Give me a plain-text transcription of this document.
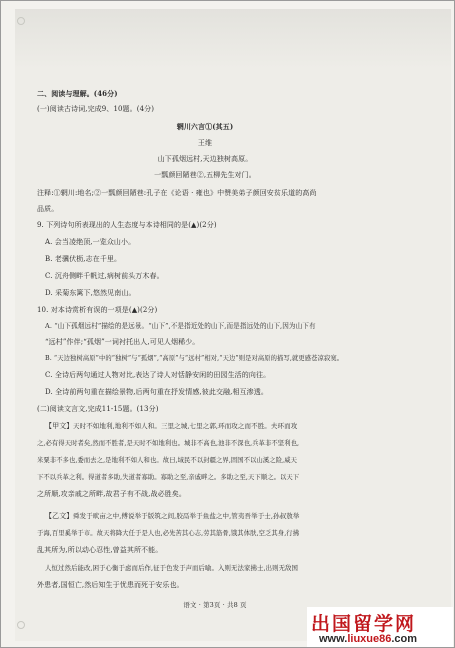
二、阅读与理解。(46分)
(一)阅读古诗词,完成9、10题。(4分)
辋川六言①(其五)
王维
山下孤烟远村,天边独树高原。
一瓢颜回陋巷②,五柳先生对门。
注释:①辋川:地名;②一瓢颜回陋巷:孔子在《论语 · 雍也》中赞美弟子颜回安贫乐道的高尚
品质。
9. 下列诗句所表现出的人生态度与本诗相同的是(▲)(2分)
A. 会当凌绝顶,一览众山小。
B. 老骥伏枥,志在千里。
C. 沉舟侧畔千帆过,病树前头万木春。
D. 采菊东篱下,悠然见南山。
10. 对本诗赏析有误的一项是(▲)(2分)
A. “山下孤烟远村”描绘的是远景。“山下”,不是指近处的山下,而是指远处的山下,因为山下有
“远村”作伴;“孤烟”一词衬托出人,可见人烟稀少。
B. “天边独树高原”中的“独树”与“孤烟”,“高原”与“远村”相对,“天边”则是对高原的描写,就更感苍凉寂寞。
C. 全诗后两句通过人物对比,表达了诗人对恬静安闲的田园生活的向往。
D. 全诗前两句重在描绘景物,后两句重在抒发情感,彼此交融,相互渗透。
(二)阅读文言文,完成11-15题。(13分)
【甲文】 天时不如地利,地利不如人和。三里之城,七里之郭,环而攻之而不胜。夫环而攻
之,必有得天时者矣,然而不胜者,是天时不如地利也。城非不高也,池非不深也,兵革非不坚利也,
米粟非不多也,委而去之,是地利不如人和也。故曰,域民不以封疆之界,固国不以山溪之险,威天
下不以兵革之利。得道者多助,失道者寡助。寡助之至,亲戚畔之。多助之至,天下顺之。以天下
之所顺,攻亲戚之所畔,故君子有不战,战必胜矣。
【乙文】 舜发于畎亩之中,傅说举于版筑之间,胶鬲举于鱼盐之中,管夷吾举于士,孙叔敖举
于海,百里奚举于市。故天将降大任于是人也,必先苦其心志,劳其筋骨,饿其体肤,空乏其身,行拂
乱其所为,所以动心忍性,曾益其所不能。
人恒过然后能改,困于心衡于虑而后作,征于色发于声而后喻。入则无法家拂士,出则无敌国
外患者,国恒亡,然后知生于忧患而死于安乐也。
语文 · 第3页 · 共8 页
出国留学网
www.liuxue86.com
